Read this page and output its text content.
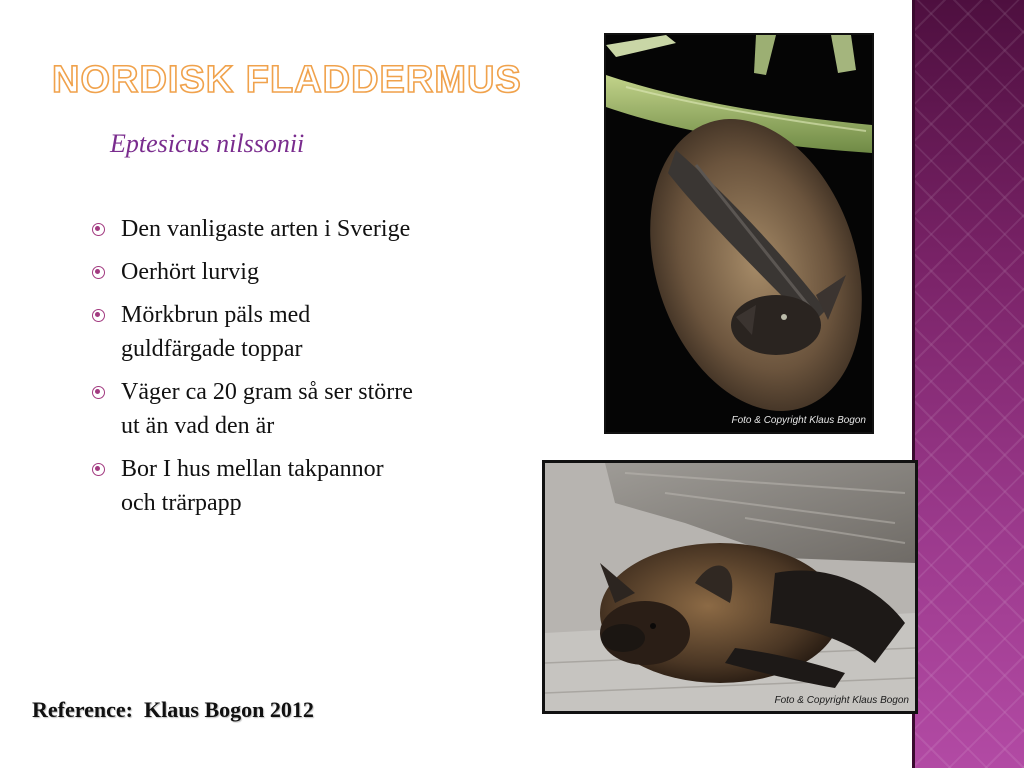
NORDISK FLADDERMUS
Eptesicus nilssonii
Den vanligaste arten i Sverige
Oerhört lurvig
Mörkbrun päls med guldfärgade toppar
Väger ca 20 gram så ser större ut än vad den är
Bor I hus mellan takpannor och trärpapp
Foto & Copyright Klaus Bogon
Foto & Copyright Klaus Bogon
Reference:  Klaus Bogon 2012
